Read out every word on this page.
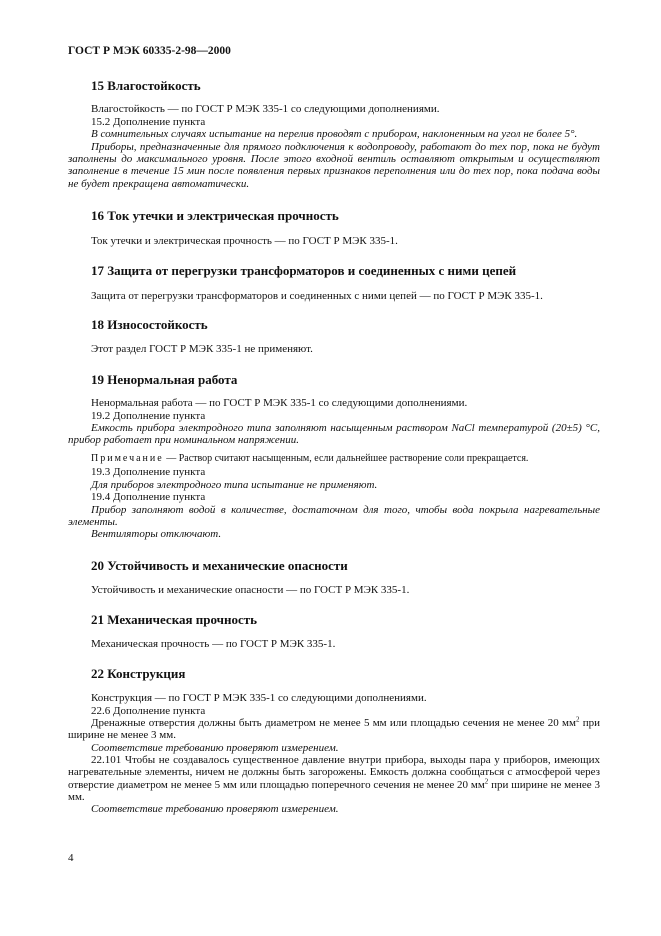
ГОСТ Р МЭК 60335-2-98—2000
15 Влагостойкость
Влагостойкость — по ГОСТ Р МЭК 335-1 со следующими дополнениями.
15.2 Дополнение пункта
В сомнительных случаях испытание на перелив проводят с прибором, наклоненным на угол не более 5°.
Приборы, предназначенные для прямого подключения к водопроводу, работают до тех пор, пока не будут заполнены до максимального уровня. После этого входной вентиль оставляют открытым и осуществляют заполнение в течение 15 мин после появления первых признаков переполнения или до тех пор, пока подача воды не будет прекращена автоматически.
16 Ток утечки и электрическая прочность
Ток утечки и электрическая прочность — по ГОСТ Р МЭК 335-1.
17 Защита от перегрузки трансформаторов и соединенных с ними цепей
Защита от перегрузки трансформаторов и соединенных с ними цепей — по ГОСТ Р МЭК 335-1.
18 Износостойкость
Этот раздел ГОСТ Р МЭК 335-1 не применяют.
19 Ненормальная работа
Ненормальная работа — по ГОСТ Р МЭК 335-1 со следующими дополнениями.
19.2 Дополнение пункта
Емкость прибора электродного типа заполняют насыщенным раствором NaCl температурой (20±5) °С, прибор работает при номинальном напряжении.
Примечание — Раствор считают насыщенным, если дальнейшее растворение соли прекращается.
19.3 Дополнение пункта
Для приборов электродного типа испытание не применяют.
19.4 Дополнение пункта
Прибор заполняют водой в количестве, достаточном для того, чтобы вода покрыла нагревательные элементы.
Вентиляторы отключают.
20 Устойчивость и механические опасности
Устойчивость и механические опасности — по ГОСТ Р МЭК 335-1.
21 Механическая прочность
Механическая прочность — по ГОСТ Р МЭК 335-1.
22 Конструкция
Конструкция — по ГОСТ Р МЭК 335-1 со следующими дополнениями.
22.6 Дополнение пункта
Дренажные отверстия должны быть диаметром не менее 5 мм или площадью сечения не менее 20 $мм^2$ при ширине не менее 3 мм.
Соответствие требованию проверяют измерением.
22.101 Чтобы не создавалось существенное давление внутри прибора, выходы пара у приборов, имеющих нагревательные элементы, ничем не должны быть загорожены. Емкость должна сообщаться с атмосферой через отверстие диаметром не менее 5 мм или площадью поперечного сечения не менее 20 $мм^2$ при ширине не менее 3 мм.
Соответствие требованию проверяют измерением.
4
